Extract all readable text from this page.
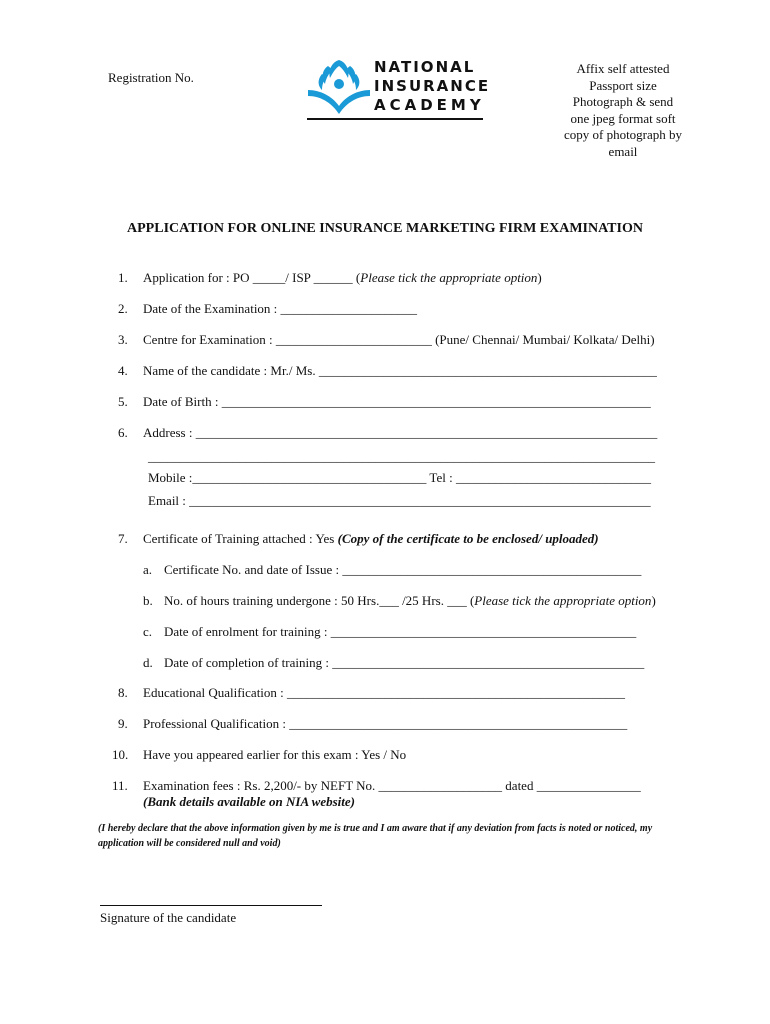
Registration No.
NATIONAL
INSURANCE
ACADEMY
Affix self attested Passport size Photograph & send one jpeg format soft copy of photograph by email
APPLICATION FOR ONLINE INSURANCE MARKETING FIRM EXAMINATION
1. Application for : PO _____/ ISP ______ (Please tick the appropriate option)
2. Date of the Examination : _____________________
3. Centre for Examination : ________________________ (Pune/ Chennai/ Mumbai/ Kolkata/ Delhi)
4. Name of the candidate : Mr./ Ms. ____________________________________________________
5. Date of Birth : __________________________________________________________________
6. Address : _______________________________________________________________________
______________________________________________________________________________
Mobile :____________________________________ Tel : ______________________________
Email : _______________________________________________________________________
7. Certificate of Training attached : Yes (Copy of the certificate to be enclosed/ uploaded)
a. Certificate No. and date of Issue : ______________________________________________
b. No. of hours training undergone : 50 Hrs.___ /25 Hrs. ___ (Please tick the appropriate option)
c. Date of enrolment for training : _______________________________________________
d. Date of completion of training : ________________________________________________
8. Educational Qualification : ____________________________________________________
9. Professional Qualification : ____________________________________________________
10. Have you appeared earlier for this exam : Yes / No
11. Examination fees : Rs. 2,200/- by NEFT No. ___________________ dated ________________
(Bank details available on NIA website)
(I hereby declare that the above information given by me is true and I am aware that if any deviation from facts is noted or noticed, my application will be considered null and void)
Signature of the candidate
